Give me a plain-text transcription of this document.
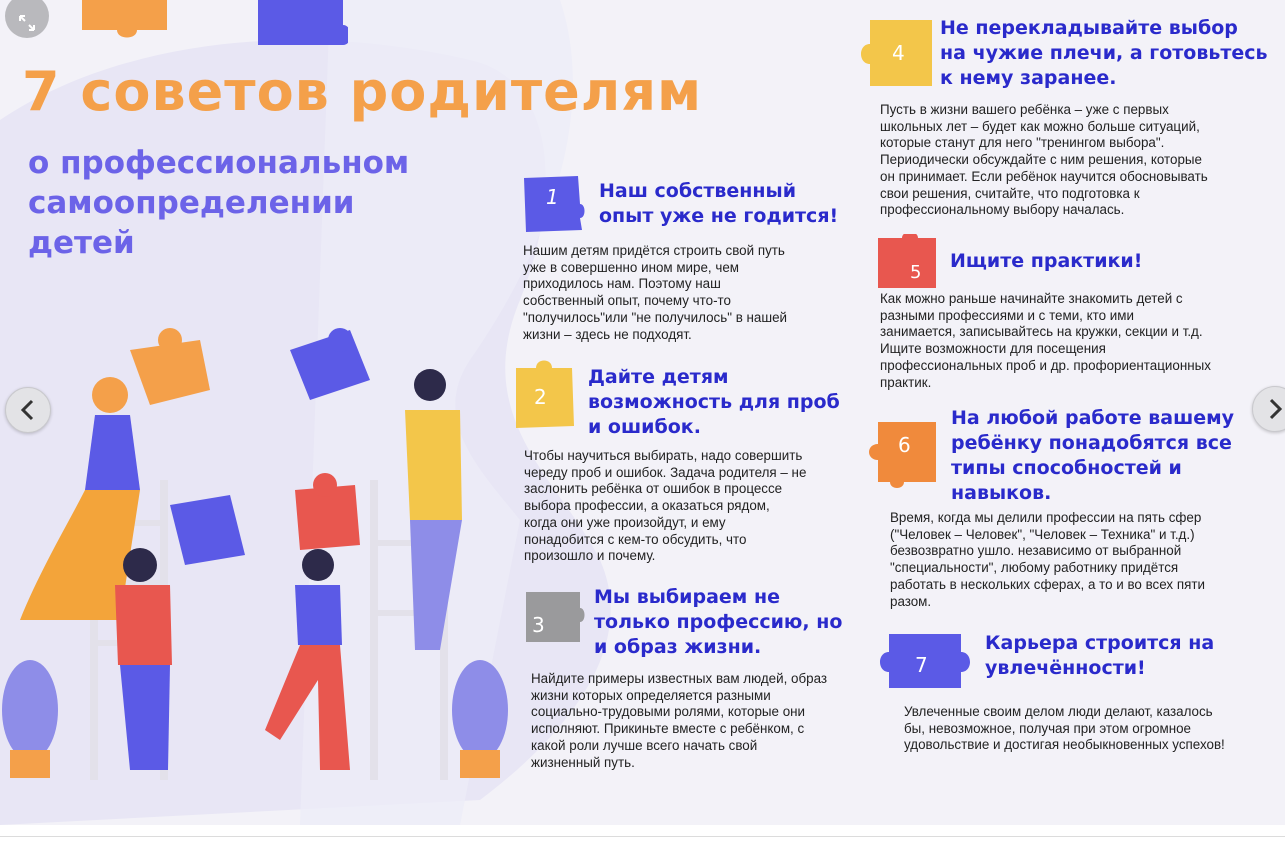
7 советов родителям
о профессиональном
самоопределении
детей
1 Наш собственный
опыт уже не годится!
Нашим детям придётся строить свой путь
уже в совершенно ином мире, чем
приходилось нам. Поэтому наш
собственный опыт, почему что-то
"получилось"или "не получилось" в нашей
жизни – здесь не подходят.
2
Дайте детям
возможность для проб
и ошибок.
Чтобы научиться выбирать, надо совершить
череду проб и ошибок. Задача родителя – не
заслонить ребёнка от ошибок в процессе
выбора профессии, а оказаться рядом,
когда они уже произойдут, и ему
понадобится с кем-то обсудить, что
произошло и почему.
3
Мы выбираем не
только профессию, но
и образ жизни.
Найдите примеры известных вам людей, образ
жизни которых определяется разными
социально-трудовыми ролями, которые они
исполняют. Прикиньте вместе с ребёнком, с
какой роли лучше всего начать свой
жизненный путь.
4
Не перекладывайте выбор
на чужие плечи, а готовьтесь
к нему заранее.
Пусть в жизни вашего ребёнка – уже с первых
школьных лет – будет как можно больше ситуаций,
которые станут для него "тренингом выбора".
Периодически обсуждайте с ним решения, которые
он принимает. Если ребёнок научится обосновывать
свои решения, считайте, что подготовка к
профессиональному выбору началась.
5
Ищите практики!
Как можно раньше начинайте знакомить детей с
разными профессиями и с теми, кто ими
занимается, записывайтесь на кружки, секции и т.д.
Ищите возможности для посещения
профессиональных проб и др. профориентационных
практик.
6
На любой работе вашему
ребёнку понадобятся все
типы способностей и
навыков.
Время, когда мы делили профессии на пять сфер
("Человек – Человек", "Человек – Техника" и т.д.)
безвозвратно ушло. независимо от выбранной
"специальности", любому работнику придётся
работать в нескольких сферах, а то и во всех пяти
разом.
7
Карьера строится на
увлечённости!
Увлеченные своим делом люди делают, казалось
бы, невозможное, получая при этом огромное
удовольствие и достигая необыкновенных успехов!
